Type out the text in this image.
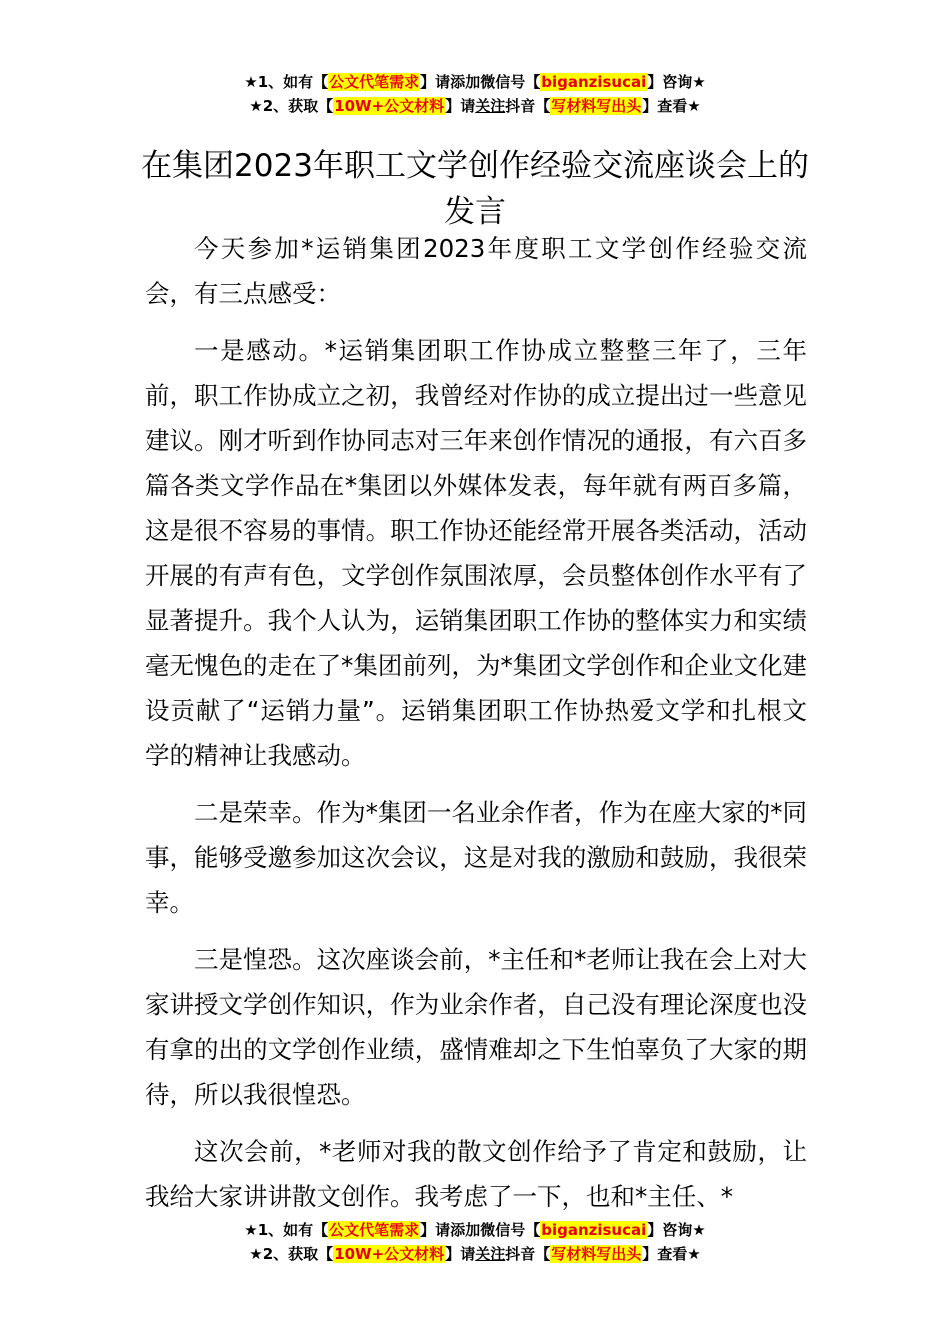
★1、如有【公文代笔需求】请添加微信号【biganzisucai】咨询★
★2、获取【10W+公文材料】请关注抖音【写材料写出头】查看★
在集团2023年职工文学创作经验交流座谈会上的发言

今天参加*运销集团2023年度职工文学创作经验交流会，有三点感受：

一是感动。*运销集团职工作协成立整整三年了，三年前，职工作协成立之初，我曾经对作协的成立提出过一些意见建议。刚才听到作协同志对三年来创作情况的通报，有六百多篇各类文学作品在*集团以外媒体发表，每年就有两百多篇，这是很不容易的事情。职工作协还能经常开展各类活动，活动开展的有声有色，文学创作氛围浓厚，会员整体创作水平有了显著提升。我个人认为，运销集团职工作协的整体实力和实绩毫无愧色的走在了*集团前列，为*集团文学创作和企业文化建设贡献了“运销力量”。运销集团职工作协热爱文学和扎根文学的精神让我感动。

二是荣幸。作为*集团一名业余作者，作为在座大家的*同事，能够受邀参加这次会议，这是对我的激励和鼓励，我很荣幸。

三是惶恐。这次座谈会前，*主任和*老师让我在会上对大家讲授文学创作知识，作为业余作者，自己没有理论深度也没有拿的出的文学创作业绩，盛情难却之下生怕辜负了大家的期待，所以我很惶恐。

这次会前，*老师对我的散文创作给予了肯定和鼓励，让我给大家讲讲散文创作。我考虑了一下，也和*主任、*

★1、如有【公文代笔需求】请添加微信号【biganzisucai】咨询★
★2、获取【10W+公文材料】请关注抖音【写材料写出头】查看★
